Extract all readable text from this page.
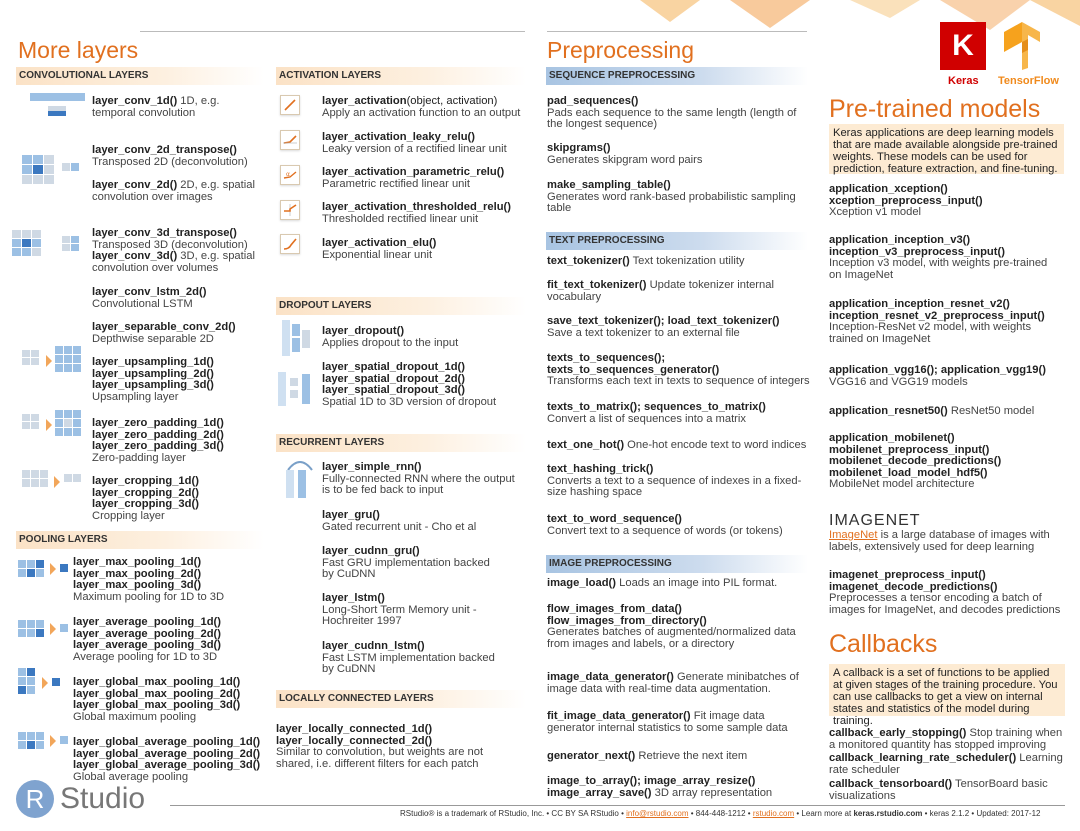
More layers
CONVOLUTIONAL LAYERS
layer_conv_1d() 1D, e.g.
temporal convolution
layer_conv_2d_transpose()
Transposed 2D (deconvolution)
layer_conv_2d() 2D, e.g. spatial
convolution over images
layer_conv_3d_transpose()
Transposed 3D (deconvolution)
layer_conv_3d() 3D, e.g. spatial
convolution over volumes
layer_conv_lstm_2d()
Convolutional LSTM
layer_separable_conv_2d()
Depthwise separable 2D
layer_upsampling_1d()
layer_upsampling_2d()
layer_upsampling_3d()
Upsampling layer
layer_zero_padding_1d()
layer_zero_padding_2d()
layer_zero_padding_3d()
Zero-padding layer
layer_cropping_1d()
layer_cropping_2d()
layer_cropping_3d()
Cropping layer
POOLING LAYERS
layer_max_pooling_1d()
layer_max_pooling_2d()
layer_max_pooling_3d()
Maximum pooling for 1D to 3D
layer_average_pooling_1d()
layer_average_pooling_2d()
layer_average_pooling_3d()
Average pooling for 1D to 3D
layer_global_max_pooling_1d()
layer_global_max_pooling_2d()
layer_global_max_pooling_3d()
Global maximum pooling
layer_global_average_pooling_1d()
layer_global_average_pooling_2d()
layer_global_average_pooling_3d()
Global average pooling
ACTIVATION LAYERS
layer_activation(object, activation)
Apply an activation function to an output
layer_activation_leaky_relu()
Leaky version of a rectified linear unit
α	layer_activation_parametric_relu()
Parametric rectified linear unit
layer_activation_thresholded_relu()
Thresholded rectified linear unit
layer_activation_elu()
Exponential linear unit
DROPOUT LAYERS
layer_dropout()
Applies dropout to the input
layer_spatial_dropout_1d()
layer_spatial_dropout_2d()
layer_spatial_dropout_3d()
Spatial 1D to 3D version of dropout
RECURRENT LAYERS
layer_simple_rnn()
Fully-connected RNN where the output
is to be fed back to input
layer_gru()
Gated recurrent unit - Cho et al
layer_cudnn_gru()
Fast GRU implementation backed
by CuDNN
layer_lstm()
Long-Short Term Memory unit -
Hochreiter 1997
layer_cudnn_lstm()
Fast LSTM implementation backed
by CuDNN
LOCALLY CONNECTED LAYERS
layer_locally_connected_1d()
layer_locally_connected_2d()
Similar to convolution, but weights are not
shared, i.e. different filters for each patch
Preprocessing
SEQUENCE PREPROCESSING
pad_sequences()
Pads each sequence to the same length (length of
the longest sequence)
skipgrams()
Generates skipgram word pairs
make_sampling_table()
Generates word rank-based probabilistic sampling
table
TEXT PREPROCESSING
text_tokenizer() Text tokenization utility
fit_text_tokenizer() Update tokenizer internal
vocabulary
save_text_tokenizer(); load_text_tokenizer()
Save a text tokenizer to an external file
texts_to_sequences();
texts_to_sequences_generator()
Transforms each text in texts to sequence of integers
texts_to_matrix(); sequences_to_matrix()
Convert a list of sequences into a matrix
text_one_hot() One-hot encode text to word indices
text_hashing_trick()
Converts a text to a sequence of indexes in a fixed-
size hashing space
text_to_word_sequence()
Convert text to a sequence of words (or tokens)
IMAGE PREPROCESSING
image_load() Loads an image into PIL format.
flow_images_from_data()
flow_images_from_directory()
Generates batches of augmented/normalized data
from images and labels, or a directory
image_data_generator() Generate minibatches of
image data with real-time data augmentation.
fit_image_data_generator() Fit image data
generator internal statistics to some sample data
generator_next() Retrieve the next item
image_to_array(); image_array_resize()
image_array_save() 3D array representation
K
Keras TensorFlow
Pre-trained models
Keras applications are deep learning models that are made available alongside pre-trained weights. These models can be used for prediction, feature extraction, and fine-tuning.
application_xception()
xception_preprocess_input()
Xception v1 model
application_inception_v3()
inception_v3_preprocess_input()
Inception v3 model, with weights pre-trained
on ImageNet
application_inception_resnet_v2()
inception_resnet_v2_preprocess_input()
Inception-ResNet v2 model, with weights
trained on ImageNet
application_vgg16(); application_vgg19()
VGG16 and VGG19 models
application_resnet50() ResNet50 model
application_mobilenet()
mobilenet_preprocess_input()
mobilenet_decode_predictions()
mobilenet_load_model_hdf5()
MobileNet model architecture
IMAGENET
ImageNet is a large database of images with
labels, extensively used for deep learning
imagenet_preprocess_input()
imagenet_decode_predictions()
Preprocesses a tensor encoding a batch of
images for ImageNet, and decodes predictions
Callbacks
A callback is a set of functions to be applied at given stages of the training procedure. You can use callbacks to get a view on internal states and statistics of the model during training.
callback_early_stopping() Stop training when
a monitored quantity has stopped improving
callback_learning_rate_scheduler() Learning
rate scheduler
callback_tensorboard() TensorBoard basic
visualizations
R Studio	RStudio® is a trademark of RStudio, Inc. • CC BY SA RStudio • info@rstudio.com • 844-448-1212 • rstudio.com • Learn more at keras.rstudio.com • keras 2.1.2 • Updated: 2017-12
